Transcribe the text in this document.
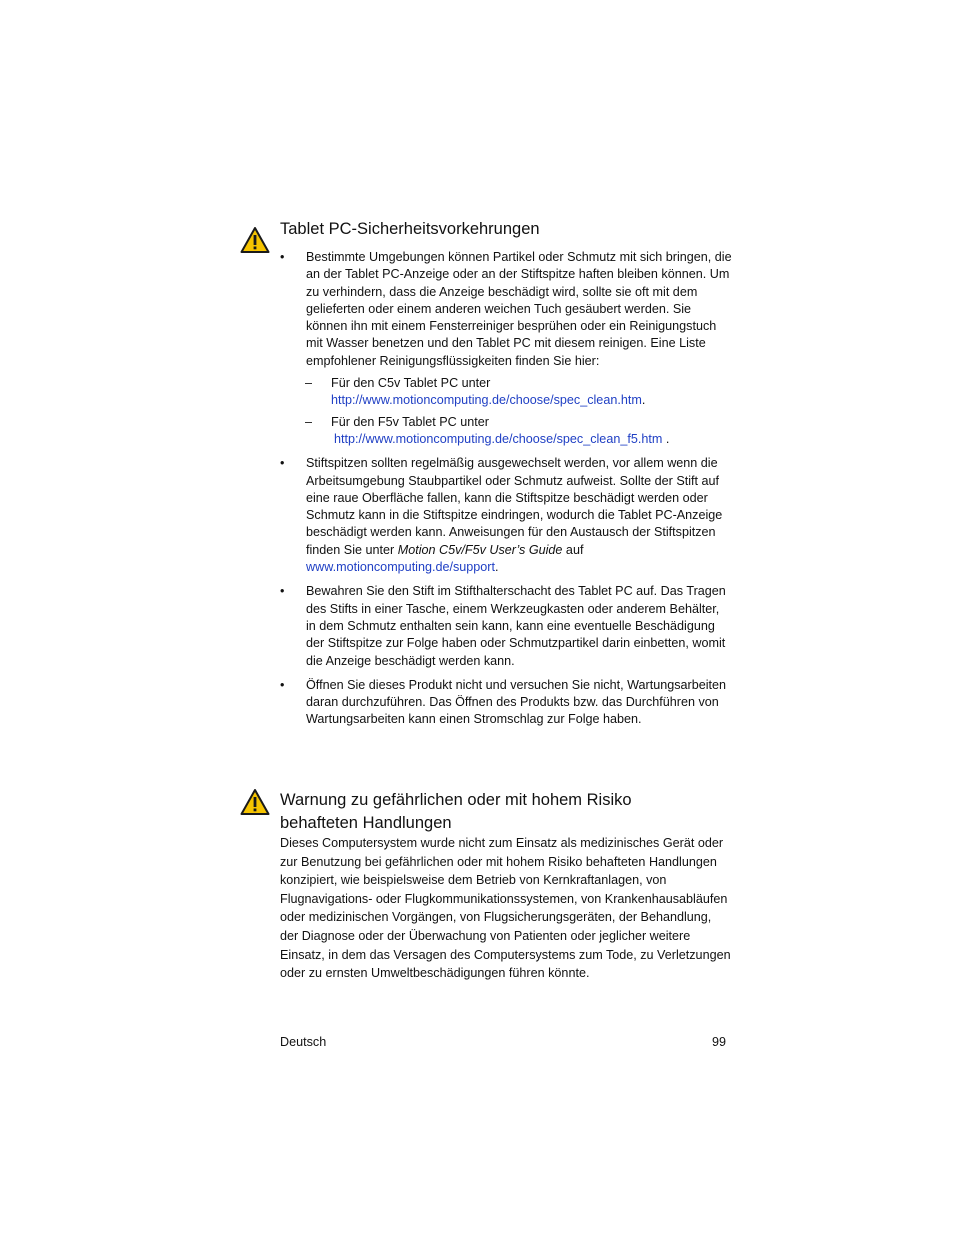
Tablet PC-Sicherheitsvorkehrungen
•	Bestimmte Umgebungen können Partikel oder Schmutz mit sich bringen, die an der Tablet PC-Anzeige oder an der Stiftspitze haften bleiben können. Um zu verhindern, dass die Anzeige beschädigt wird, sollte sie oft mit dem gelieferten oder einem anderen weichen Tuch gesäubert werden. Sie können ihn mit einem Fensterreiniger besprühen oder ein Reinigungstuch mit Wasser benetzen und den Tablet PC mit diesem reinigen. Eine Liste empfohlener Reinigungsflüssigkeiten finden Sie hier:
– Für den C5v Tablet PC unter
http://www.motioncomputing.de/choose/spec_clean.htm.
– Für den F5v Tablet PC unter
http://www.motioncomputing.de/choose/spec_clean_f5.htm .
•	Stiftspitzen sollten regelmäßig ausgewechselt werden, vor allem wenn die Arbeitsumgebung Staubpartikel oder Schmutz aufweist. Sollte der Stift auf eine raue Oberfläche fallen, kann die Stiftspitze beschädigt werden oder Schmutz kann in die Stiftspitze eindringen, wodurch die Tablet PC-Anzeige beschädigt werden kann. Anweisungen für den Austausch der Stiftspitzen finden Sie unter Motion C5v/F5v User’s Guide auf www.motioncomputing.de/support.
•	Bewahren Sie den Stift im Stifthalterschacht des Tablet PC auf. Das Tragen des Stifts in einer Tasche, einem Werkzeugkasten oder anderem Behälter, in dem Schmutz enthalten sein kann, kann eine eventuelle Beschädigung der Stiftspitze zur Folge haben oder Schmutzpartikel darin einbetten, womit die Anzeige beschädigt werden kann.
•	Öffnen Sie dieses Produkt nicht und versuchen Sie nicht, Wartungsarbeiten daran durchzuführen. Das Öffnen des Produkts bzw. das Durchführen von Wartungsarbeiten kann einen Stromschlag zur Folge haben.
Warnung zu gefährlichen oder mit hohem Risiko
behafteten Handlungen

Dieses Computersystem wurde nicht zum Einsatz als medizinisches Gerät oder zur Benutzung bei gefährlichen oder mit hohem Risiko behafteten Handlungen konzipiert, wie beispielsweise dem Betrieb von Kernkraftanlagen, von Flugnavigations- oder Flugkommunikationssystemen, von Krankenhausabläufen oder medizinischen Vorgängen, von Flugsicherungsgeräten, der Behandlung, der Diagnose oder der Überwachung von Patienten oder jeglicher weitere Einsatz, in dem das Versagen des Computersystems zum Tode, zu Verletzungen oder zu ernsten Umweltbeschädigungen führen könnte.

Deutsch	99
